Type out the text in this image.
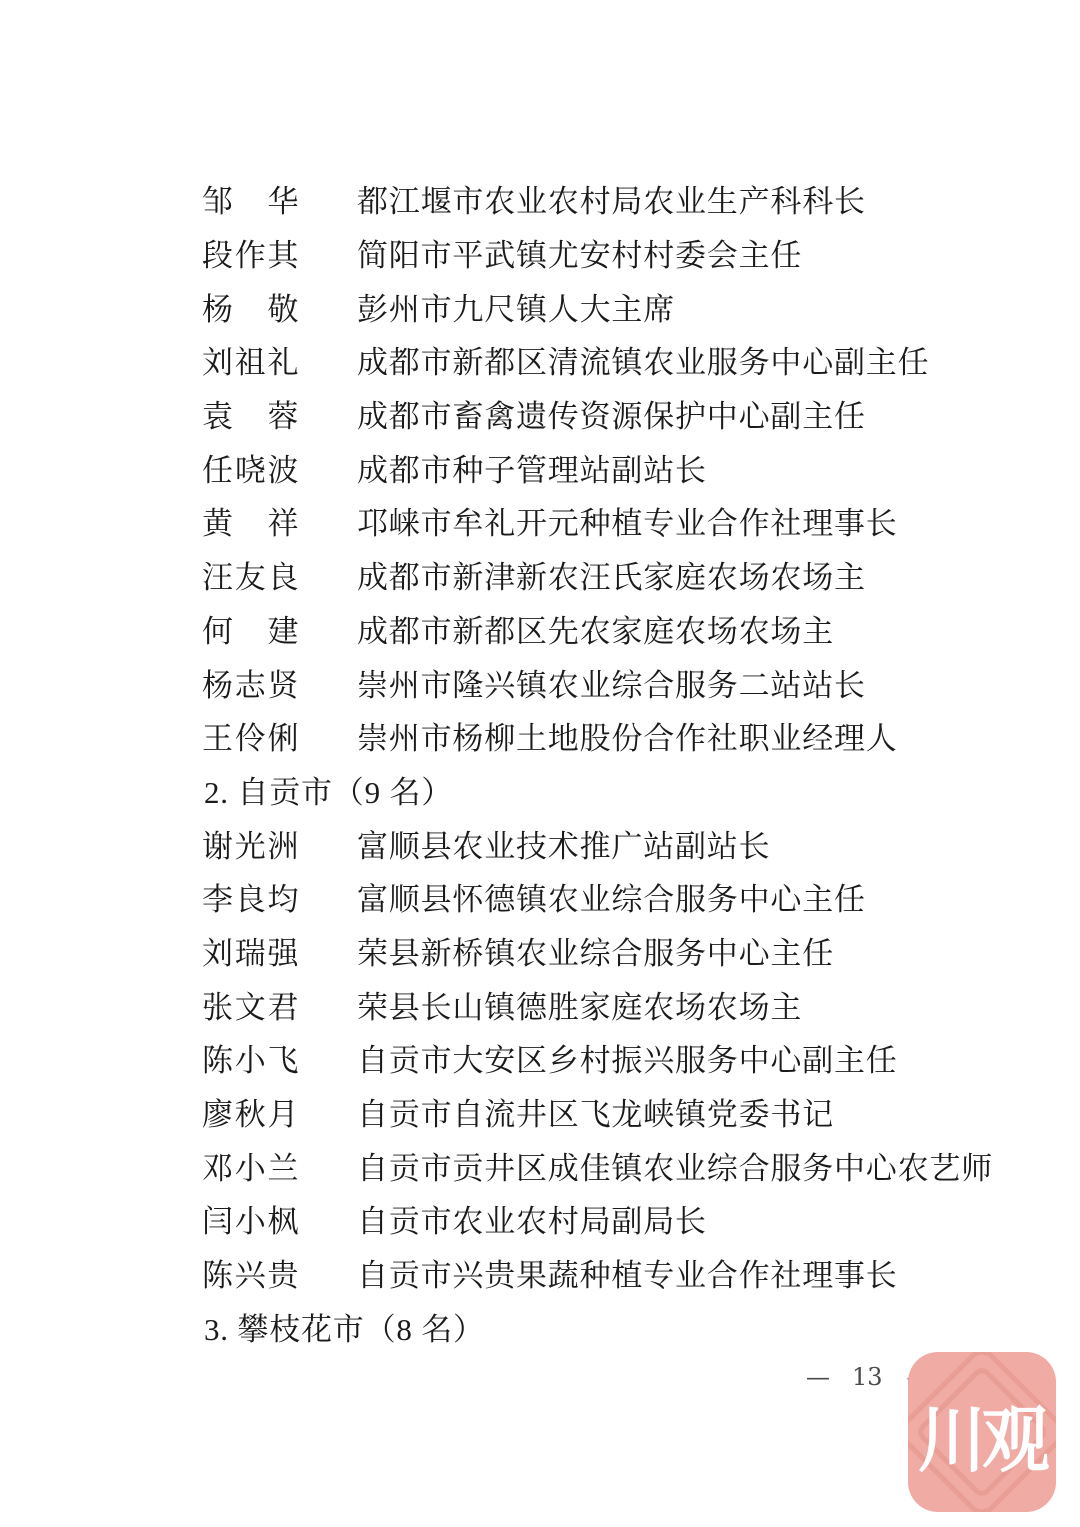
邹华 都江堰市农业农村局农业生产科科长
段作其 简阳市平武镇尤安村村委会主任
杨敬 彭州市九尺镇人大主席
刘祖礼 成都市新都区清流镇农业服务中心副主任
袁蓉 成都市畜禽遗传资源保护中心副主任
任哓波 成都市种子管理站副站长
黄祥 邛崃市牟礼开元种植专业合作社理事长
汪友良 成都市新津新农汪氏家庭农场农场主
何建 成都市新都区先农家庭农场农场主
杨志贤 崇州市隆兴镇农业综合服务二站站长
王伶俐 崇州市杨柳土地股份合作社职业经理人
2. 自贡市（9 名）
谢光洲 富顺县农业技术推广站副站长
李良均 富顺县怀德镇农业综合服务中心主任
刘瑞强 荣县新桥镇农业综合服务中心主任
张文君 荣县长山镇德胜家庭农场农场主
陈小飞 自贡市大安区乡村振兴服务中心副主任
廖秋月 自贡市自流井区飞龙峡镇党委书记
邓小兰 自贡市贡井区成佳镇农业综合服务中心农艺师
闫小枫 自贡市农业农村局副局长
陈兴贵 自贡市兴贵果蔬种植专业合作社理事长
3. 攀枝花市（8 名）
— 13
川观
